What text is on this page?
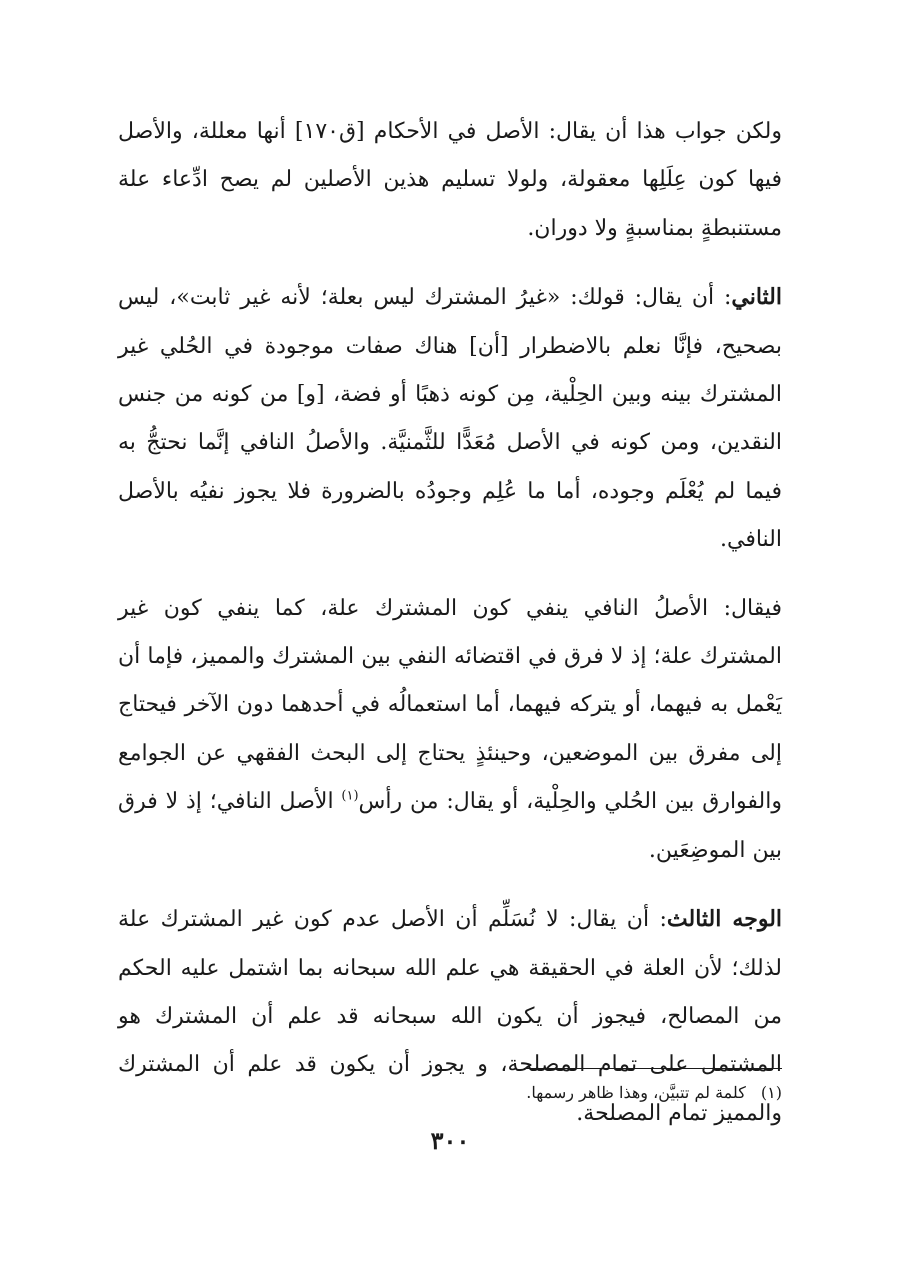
ولكن جواب هذا أن يقال: الأصل في الأحكام [ق١٧٠] أنها معللة، والأصل فيها كون عِلَلِها معقولة، ولولا تسليم هذين الأصلين لم يصح ادِّعاء علة مستنبطةٍ بمناسبةٍ ولا دوران.

الثاني: أن يقال: قولك: «غيرُ المشترك ليس بعلة؛ لأنه غير ثابت»، ليس بصحيح، فإنَّا نعلم بالاضطرار [أن] هناك صفات موجودة في الحُلي غير المشترك بينه وبين الحِلْية، مِن كونه ذهبًا أو فضة، [و] من كونه من جنس النقدين، ومن كونه في الأصل مُعَدًّا للثَّمنيَّة. والأصلُ النافي إنَّما نحتجُّ به فيما لم يُعْلَم وجوده، أما ما عُلِم وجودُه بالضرورة فلا يجوز نفيُه بالأصل النافي.

فيقال: الأصلُ النافي ينفي كون المشترك علة، كما ينفي كون غير المشترك علة؛ إذ لا فرق في اقتضائه النفي بين المشترك والمميز، فإما أن يَعْمل به فيهما، أو يتركه فيهما، أما استعمالُه في أحدهما دون الآخر فيحتاج إلى مفرق بين الموضعين، وحينئذٍ يحتاج إلى البحث الفقهي عن الجوامع والفوارق بين الحُلي والحِلْية، أو يقال: من رأس$^{(١)}$ الأصل النافي؛ إذ لا فرق بين الموضِعَين.

الوجه الثالث: أن يقال: لا نُسَلِّم أن الأصل عدم كون غير المشترك علة لذلك؛ لأن العلة في الحقيقة هي علم الله سبحانه بما اشتمل عليه الحكم من المصالح، فيجوز أن يكون الله سبحانه قد علم أن المشترك هو المشتمل على تمام المصلحة، و يجوز أن يكون قد علم أن المشترك والمميز تمام المصلحة.

(١) كلمة لم تتبيَّن، وهذا ظاهر رسمها.
٣٠٠
